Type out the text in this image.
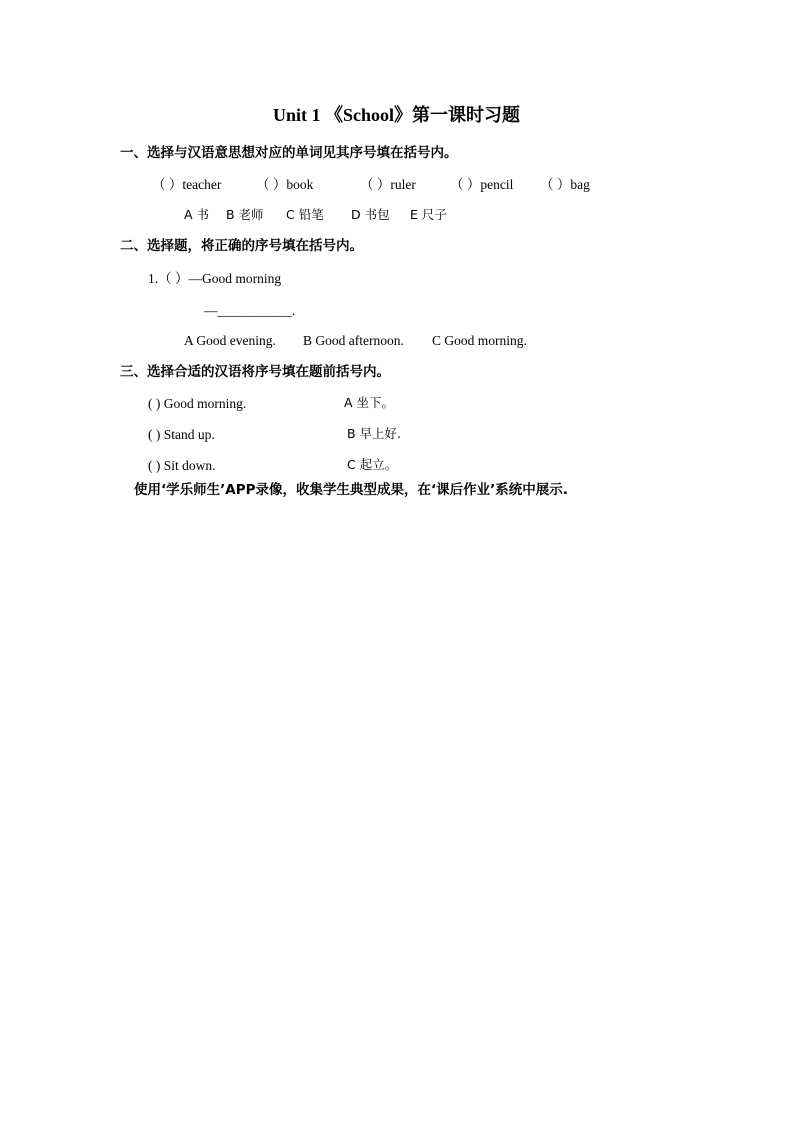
Unit 1 《School》第一课时习题
一、选择与汉语意思想对应的单词见其序号填在括号内。
（ ）teacher	（ ）book	（ ）ruler	（ ）pencil （ ）bag
A 书 B 老师 C 铅笔 D 书包 E 尺子
二、选择题，将正确的序号填在括号内。
1.（ ）—Good morning
—___________.
A Good evening. B Good afternoon. C Good morning.
三、选择合适的汉语将序号填在题前括号内。
( ) Good morning.	A 坐下。
( ) Stand up.	B 早上好.
( ) Sit down.	C 起立。
使用‘学乐师生’APP录像，收集学生典型成果，在‘课后作业’系统中展示.
